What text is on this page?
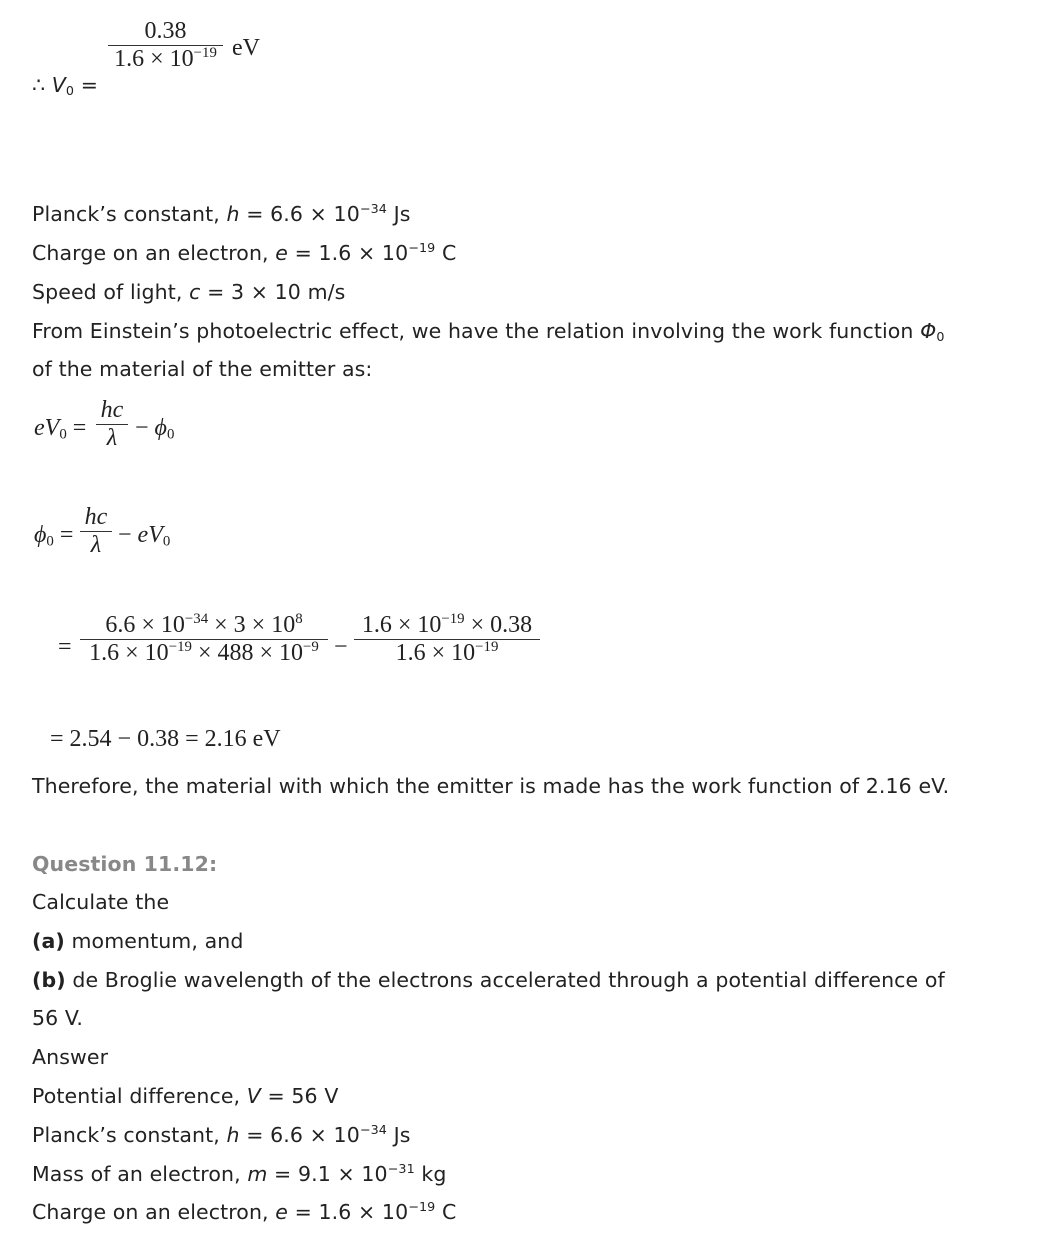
∴ $V_0$ =
0.38
$1.6 \times 10^{-19}$ eV
Planck’s constant, $h = 6.6 \times 10^{-34}$ Js
Charge on an electron, $e = 1.6 \times 10^{-19}$ C
Speed of light, c = 3 × 10 m/s
From Einstein’s photoelectric effect, we have the relation involving the work function $\Phi_0$
of the material of the emitter as:
$eV_0$ =
hc
$\lambda - \phi_0$
$\phi_0$ =
hc
$\lambda - eV_0$
=
$6.6 \times 10^{-34} \times 3 \times 10^8$
$1.6 \times 10^{-19} \times 488 \times 10^{-9}$ −
$1.6 \times 10^{-19} \times 0.38$
$1.6 \times 10^{-19}$
= 2.54 − 0.38 = 2.16 eV
Therefore, the material with which the emitter is made has the work function of 2.16 eV.
Question 11.12:
Calculate the
(a) momentum, and
(b) de Broglie wavelength of the electrons accelerated through a potential difference of
56 V.
Answer
Potential difference, V = 56 V
Planck’s constant, $h = 6.6 \times 10^{-34}$ Js
Mass of an electron, $m = 9.1 \times 10^{-31}$ kg
Charge on an electron, $e = 1.6 \times 10^{-19}$ C
